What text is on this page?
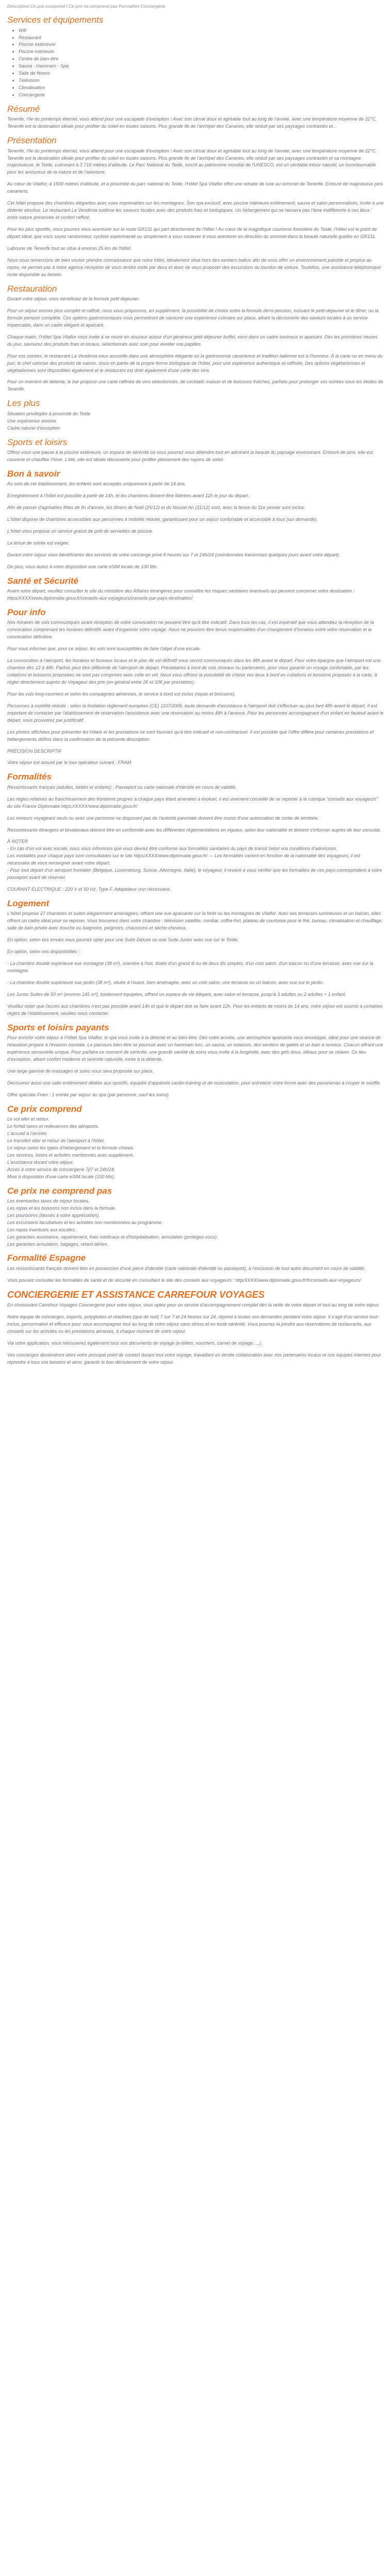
Description Ce prix comprend / Ce prix ne comprend pas Formalités Conciergerie
Services et équipements
• Wifi
• Restaurant
• Piscine extérieure
• Piscine intérieure
• Centre de bien-être
• Sauna - Hammam - Spa
• Salle de fitness
• Télévision
• Climatisation
• Conciergerie
Résumé
Tenerife, l'île du printemps éternel, vous attend pour une escapade d'exception ! Avec son climat doux et agréable tout au long de l'année, avec une température moyenne de 22°C, Tenerife est la destination idéale pour profiter du soleil en toutes saisons. Plus grande île de l'archipel des Canaries, elle séduit par ses paysages contrastés et...
Présentation
Tenerife, l'île du printemps éternel, vous attend pour une escapade d'exception ! Avec son climat doux et agréable tout au long de l'année, avec une température moyenne de 22°C, Tenerife est la destination idéale pour profiter du soleil en toutes saisons. Plus grande île de l'archipel des Canaries, elle séduit par ses paysages contrastés et sa montagne majestueuse, le Teide, culminant à 3 718 mètres d'altitude. Le Parc National du Teide, inscrit au patrimoine mondial de l'UNESCO, est un véritable trésor naturel, un incontournable pour les amoureux de la nature et de l'aventure.
Au cœur de Vilaflor, à 1500 mètres d'altitude, et à proximité du parc national du Teide, l'Hôtel Spa Vilaflor offre une retraite de luxe au sommet de Tenerife. Entouré de majestueux pins canariens.
Cet hôtel propose des chambres élégantes avec vues imprenables sur les montagnes. Son spa exclusif, avec piscine intérieure entièrement, sauna et salon personnalisés, invite à une détente absolue. Le restaurant La Vendimia sublime les saveurs locales avec des produits frais et biologiques. Un hébergement qui ne laissera pas l'âme indifférente à ces lieux : entre nature préservée et confort raffiné.
Pour les plus sportifs, vous pourrez vous aventurer sur la route GR131 qui part directement de l'hôtel ! Au cœur de la magnifique couronne forestière du Teide, l'Hôtel est le point de départ idéal, que vous soyez randonneur, cycliste expérimenté ou simplement à vous soulever à vous aventurer en direction du sommet dans la beauté naturelle guidée en GR131.
Labourer de Tenerife tout se situe à environ 25 km de l'hôtel.
Nous vous remercions de bien vouloir prendre connaissance que notre hôtel, idéalement situé hors des sentiers battus afin de vous offrir un environnement paisible et propice au repos, ne permet pas à notre agence réception de vous rendre visite par deux et donc de vous proposer des excursions au lourdon de voiture. Toutefois, une assistance téléphonique reste disponible au besoin.
Restauration
Durant votre séjour, vous bénéficiez de la formule petit déjeuner.
Pour un séjour encore plus complet et raffiné, nous vous proposons, en supplément, la possibilité de choisir entre la formule demi-pension, incluant le petit-déjeuner et le dîner, ou la formule pension complète. Ces options gastronomiques vous permettront de savourer une expérience culinaire sur place, alliant la découverte des saveurs locales à un service impeccable, dans un cadre élégant et apaisant.
Chaque matin, l'Hôtel Spa Vilaflor vous invite à se réunir en douceur autour d'un généreux petit-déjeuner buffet, servi dans un cadre lumineux et apaisant. Dès les premières heures du jour, savourez des produits frais et locaux, sélectionnés avec soin pour éveiller vos papilles.
Pour vos soirées, le restaurant La Vendimia vous accueille dans une atmosphère élégante où la gastronomie canarienne et tradition italienne est à l'honneur. À la carte ou en menu du jour, le chef valorise des produits de saison, issus en partie de la propre ferme biologique de l'hôtel, pour une expérience authentique et raffinée. Des options végétariennes et végétaliennes sont disponibles également et le restaurant est doté également d'une carte des vins.
Pour un moment de détente, le bar propose une carte raffinée de vins sélectionnés, de cocktails maison et de boissons fraîches, parfaits pour prolonger vos soirées sous les étoiles de Tenerife.
Les plus
Situation privilégiée à proximité du Teide
Une expérience sereine
Cadre naturel d'exception
Sports et loisirs
Offrez-vous une pause à la piscine extérieure, un espace de sérénité où vous pourrez vous détendre tout en admirant la beauté du paysage environnant. Entouré de pins, elle est couverte et chauffée l'hiver. L'été, elle est idéale découverte pour profiter pleinement des rayons de soleil.
Bon à savoir
Au sein de cet établissement, les enfants sont acceptés uniquement à partir de 14 ans.
Enregistrement à l'hôtel est possible à partir de 14h, et les chambres doivent être libérées avant 12h le jour du départ.
Afin de passer d'agréables fêtes de fin d'année, les dîners de Noël (25/12) et du Nouvel An (31/12) sont, avec la tenue du 31e janvier sont inclus.
L'hôtel dispose de chambres accessibles aux personnes à mobilité réduite, garantissant pour un séjour confortable et accessible à tous (sur demande).
L'hôtel vous propose un service gratuit de prêt de serviettes de piscine.
La tenue de soirée est exigée.
Durant votre séjour vous bénéficierez des services de votre concierge privé 8 heures sur 7 et 24h/24 (coordonnées transmises quelques jours avant votre départ).
De plus, vous aurez à votre disposition une carte eSIM locale de 100 Mo.
Santé et Sécurité
Avant votre départ, veuillez consulter le site du ministère des Affaires étrangères pour connaître les risques sanitaires éventuels qui peuvent concerner votre destination : https/XXXX/www.diplomatie.gouv.fr/conseils-aux-voyageurs/conseils-par-pays-destination/
Pour info
Nos horaires de vols communiqués avant réception de votre convocation ne peuvent être qu'à titre indicatif. Dans tous les cas, il est impératif que vous attendiez la réception de la convocation comprenant les horaires définitifs avant d'organiser votre voyage. Nous ne pouvons être tenus responsables d'un changement d'horaires entre votre réservation et la convocation définitive.
Pour vous informer que, pour ce séjour, les vols sont susceptibles de faire l'objet d'une escale.
La convocation à l'aéroport, les horaires et bureaux locaux et le plan de vol définitif vous seront communiqués dans les 48h avant le départ. Pour votre épargne que l'aéroport est une chambre des 12 à 48h. Parfois peut être différente de l'aéroport de départ. Prestataires à bord de vols réseaux ou partenaires, pour vous garantir un voyage confortable, par les collations et boissons proposées ne sont pas comprises avec celle en vol. Nous vous offrons la possibilité de choisir vos lieux à bord en collations et boissons proposés à la carte, à régler directement auprès du Voyageur des prix (en général entre 2€ et 10€ par prestation).
Pour les vols long-courriers et selon les compagnies aériennes, le service à bord est inclus (repas et boissons).
Personnes à mobilité réduite : selon la limitation règlement européen (CE) 1107/2006, toute demande d'assistance à l'aéroport doit s'effectuer au plus tard 48h avant le départ. Il est important de contacter par l'établissement de réservation l'assistance avec une réservation au moins 48h à l'avance. Pour les personnes accompagnant d'un enfant en fauteuil avant le départ, vous prouverez par justificatif.
Les photos affichées pour présenter les hôtels et les prestations ne sont fournies qu'à titre indicatif et non-contractuel. Il est possible que l'offre diffère pour certaines prestations et hébergements définis dans la confirmation de la présente description.
PRÉCISION DESCRIPTIF
Votre séjour est assuré par le tour opérateur suivant : FRAM
Formalités
Ressortissants français (adultes, bébés et enfants) : Passeport ou carte nationale d'identité en cours de validité.
Les règles relatives au franchissement des frontières propres à chaque pays étant amenées à évoluer, il est vivement conseillé de se reporter à la rubrique "conseils aux voyageurs" du site France Diplomatie.https://XXXX/www.diplomatie.gouv.fr/
Les mineurs voyageant seuls ou avec une personne ne disposant pas de l'autorité parentale doivent être munis d'une autorisation de sortie de territoire.
Ressortissants étrangers et binationaux doivent être en conformité avec les différentes réglementations en vigueur, selon leur nationalité et doivent s'informer auprès de leur consulat.
À NOTER
- En cas d'un vol avec escale, nous vous informons que vous devrez être conforme aux formalités sanitaires du pays de transit selon vos conditions d'admission.
Les modalités pour chaque pays sont consultables sur le site https/XXXX/www.diplomatie.gouv.fr/ — Les formalités varient en fonction de la nationalité des voyageurs, il est nécessaire de vous renseigner avant votre départ.
- Pour tout départ d'un aéroport frontalier (Belgique, Luxembourg, Suisse, Allemagne, Italie), le voyageur, il revient à vous vérifier que les formalités de ces pays correspondent à votre passeport avant de réserver.
COURANT ÉLECTRIQUE : 220 V et 50 Hz. Type F. Adaptateur non nécessaire.
Logement
L'hôtel propose 27 chambres et suites élégamment aménagées, offrant une vue apaisante sur la forêt ou les montagnes de Vilaflor. Avec ses terrasses lumineuses et un balcon, elles offrent un cadre idéal pour se reposer. Vous trouverez dans votre chambre : télévision satellite, minibar, coffre-fort, plateau de courtoisie pour le thé, bureau, climatisation et chauffage, salle de bain privée avec douche ou baignoire, peignoirs, chaussons et sèche-cheveux.
En option, selon vos envies vous pourrez opter pour une Suite Deluxe ou une Suite Junior avec vue sur le Teide.
En option, selon vos disponibilités :
- La chambre double supérieure vue montagne (38 m²), orientée à l'est, dotée d'un grand lit ou de deux lits simples, d'un coin salon, d'un balcon ou d'une terrasse, avec vue sur la montagne.
- La chambre double supérieure vue jardin (38 m²), située à l'ouest, bien aménagée, avec un coin salon, une terrasse ou un balcon, avec vue sur le jardin.
Les Junior Suites de 50 m² (environ 145 m²), totalement équipées, offrent un espace de vie élégant, avec salon et terrasse, jusqu'à 3 adultes ou 2 adultes + 1 enfant.
Veuillez noter que l'accès aux chambres n'est pas possible avant 14h et que le départ doit se faire avant 12h. Pour les enfants de moins de 14 ans, votre séjour est soumis à certaines règles de l'établissement, veuillez nous contacter.
Sports et loisirs payants
Pour enrichir votre séjour à l'Hôtel Spa Vilaflor, le spa vous invite à la détente et au bien-être. Dès votre arrivée, une atmosphère apaisante vous enveloppe, idéal pour une séance de relaxation propice à l'évasion mentale. Le parcours bien-être se poursuit avec un hammam turc, un sauna, un solarium, des sentiers de galets et un bain à remous. Chacun offrant une expérience sensorielle unique. Pour parfaire ce moment de sérénité, une grande variété de soins vous invite à la longévité, avec des gels doux, idéaux pour se relaxer. Ce lieu d'exception, alliant confort moderne et sérénité naturelle, invite à la détente.
Une large gamme de massages et soins vous sera proposée sur place.
Découvrez aussi une salle entièrement dédiée aux sportifs, équipée d'appareils cardio-training et de musculation, pour entretenir votre forme avec des panoramas à couper le souffle.
Offre spéciale Fram : 1 entrée par séjour au spa (par personne, sauf les soins).
Ce prix comprend
Le vol aller et retour.
Le forfait taxes et redevances des aéroports.
L'accueil à l'arrivée.
Le transfert aller et retour de l'aéroport à l'hôtel.
Le séjour selon les types d'hébergement et la formule choisis.
Les services, loisirs et activités mentionnés avec supplément.
L'assistance durant votre séjour.
Accès à votre service de conciergerie 7j/7 et 24h/24.
Mise à disposition d'une carte eSIM locale (100 Mo).
Ce prix ne comprend pas
Les éventuelles taxes de séjour locales.
Les repas et les boissons non inclus dans la formule.
Les pourboires (laissés à votre appréciation).
Les excursions facultatives et les activités non mentionnées au programme.
Les repas éventuels aux escales.
Les garanties assistance, rapatriement, frais médicaux et d'hospitalisation, annulation (protégez-vous).
Les garanties annulation, bagages, retard aérien.
Formalité Espagne
Les ressortissants français doivent être en possession d'une pièce d'identité (carte nationale d'identité ou passeport), à l'exclusion de tout autre document en cours de validité.
Vous pouvez consulter les formalités de santé et de sécurité en consultant le site des conseils aux voyageurs : http/XXXX/www.diplomatie.gouv.fr/fr/conseils-aux-voyageurs/
CONCIERGERIE ET ASSISTANCE CARREFOUR VOYAGES
En choisissant Carrefour Voyages Conciergerie pour votre séjour, vous optez pour un service d'accompagnement complet dès la veille de votre départ et tout au long de votre séjour.
Notre équipe de concierges, experts, polyglottes et réactives (que de nuit) 7 sur 7 et 24 heures sur 24, répond à toutes vos demandes pendant votre séjour. Il s'agit d'un service tout-inclus, personnalisé et efficace pour vous accompagner tout au long de votre séjour sans stress et en toute sérénité. Vous pourrez la joindre aux réservations de restaurants, aux conseils sur les activités ou les prestations annexes, à chaque moment de votre séjour.
Via votre application, vous retrouverez également tous vos documents de voyage (e-billets, vouchers, carnet de voyage, ...).
Vos concierges deviendront alors votre principal point de contact durant tout votre voyage, travaillant en étroite collaboration avec nos partenaires locaux et nos équipes internes pour répondre à tous vos besoins et ainsi, garantir le bon déroulement de votre séjour.
